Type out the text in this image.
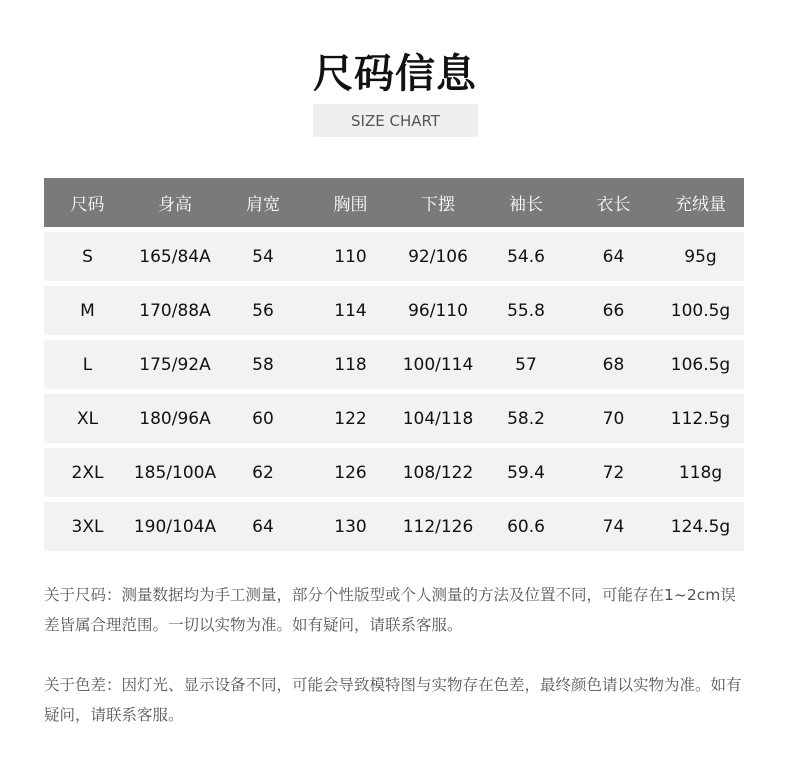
尺码信息
SIZE CHART
尺码	身高	肩宽	胸围	下摆	袖长	衣长	充绒量
S	165/84A	54	110	92/106	54.6	64	95g
M	170/88A	56	114	96/110	55.8	66	100.5g
L	175/92A	58	118	100/114	57	68	106.5g
XL	180/96A	60	122	104/118	58.2	70	112.5g
2XL	185/100A	62	126	108/122	59.4	72	118g
3XL	190/104A	64	130	112/126	60.6	74	124.5g
关于尺码：测量数据均为手工测量，部分个性版型或个人测量的方法及位置不同，可能存在1~2cm误差皆属合理范围。一切以实物为准。如有疑问，请联系客服。
关于色差：因灯光、显示设备不同，可能会导致模特图与实物存在色差，最终颜色请以实物为准。如有疑问，请联系客服。
